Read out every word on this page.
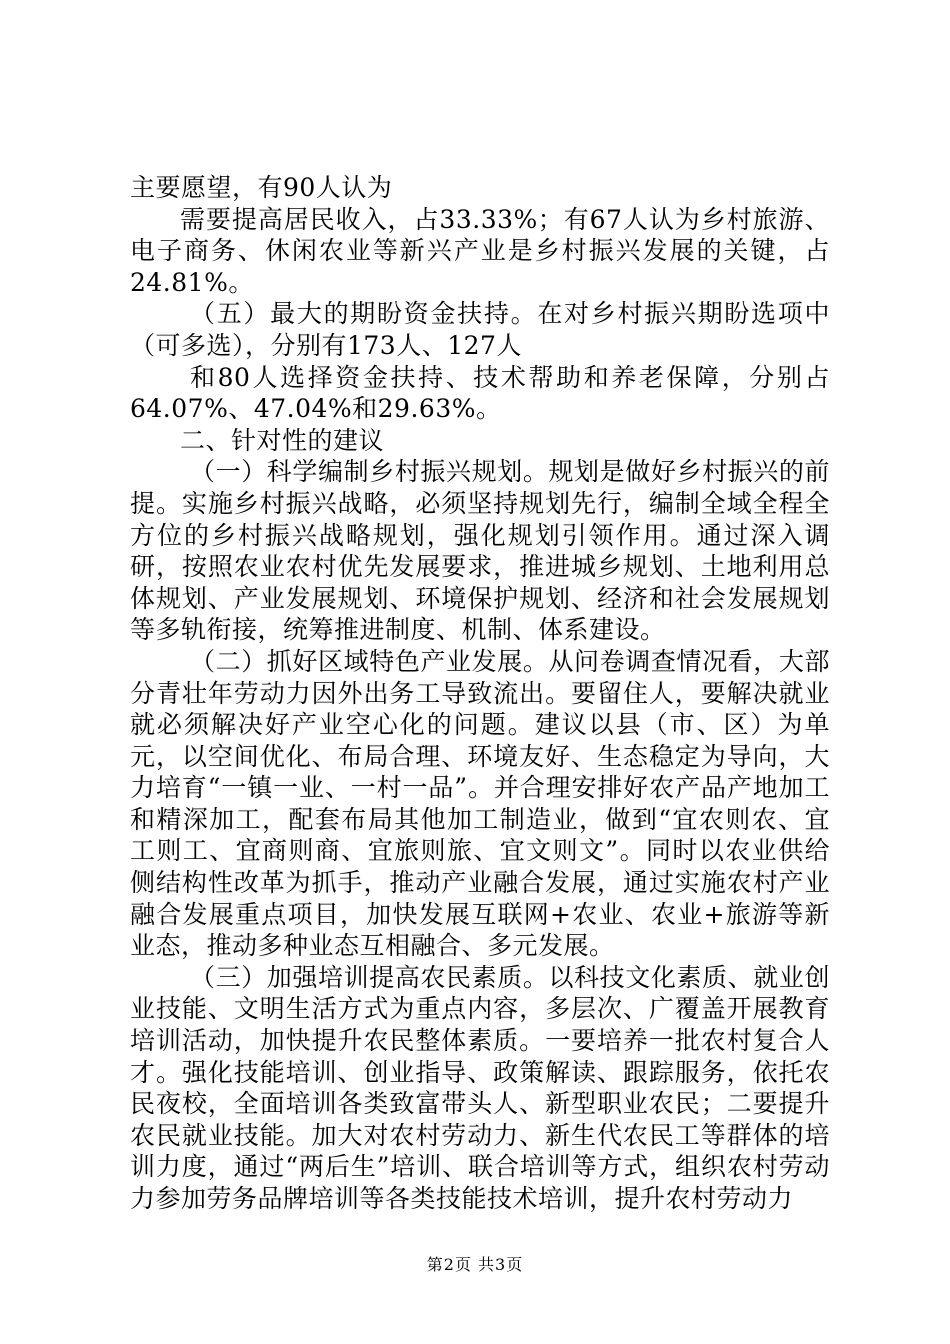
主要愿望，有90人认为

需要提高居民收入，占33.33%；有67人认为乡村旅游、电子商务、休闲农业等新兴产业是乡村振兴发展的关键，占24.81%。

（五）最大的期盼资金扶持。在对乡村振兴期盼选项中（可多选），分别有173人、127人

和80人选择资金扶持、技术帮助和养老保障，分别占64.07%、47.04%和29.63%。

二、针对性的建议

（一）科学编制乡村振兴规划。规划是做好乡村振兴的前提。实施乡村振兴战略，必须坚持规划先行，编制全域全程全方位的乡村振兴战略规划，强化规划引领作用。通过深入调研，按照农业农村优先发展要求，推进城乡规划、土地利用总体规划、产业发展规划、环境保护规划、经济和社会发展规划等多轨衔接，统筹推进制度、机制、体系建设。

（二）抓好区域特色产业发展。从问卷调查情况看，大部分青壮年劳动力因外出务工导致流出。要留住人，要解决就业就必须解决好产业空心化的问题。建议以县（市、区）为单元，以空间优化、布局合理、环境友好、生态稳定为导向，大力培育“一镇一业、一村一品”。并合理安排好农产品产地加工和精深加工，配套布局其他加工制造业，做到“宜农则农、宜工则工、宜商则商、宜旅则旅、宜文则文”。同时以农业供给侧结构性改革为抓手，推动产业融合发展，通过实施农村产业融合发展重点项目，加快发展互联网+农业、农业+旅游等新业态，推动多种业态互相融合、多元发展。

（三）加强培训提高农民素质。以科技文化素质、就业创业技能、文明生活方式为重点内容，多层次、广覆盖开展教育培训活动，加快提升农民整体素质。一要培养一批农村复合人才。强化技能培训、创业指导、政策解读、跟踪服务，依托农民夜校，全面培训各类致富带头人、新型职业农民；二要提升农民就业技能。加大对农村劳动力、新生代农民工等群体的培训力度，通过“两后生”培训、联合培训等方式，组织农村劳动力参加劳务品牌培训等各类技能技术培训，提升农村劳动力

第2页 共3页
